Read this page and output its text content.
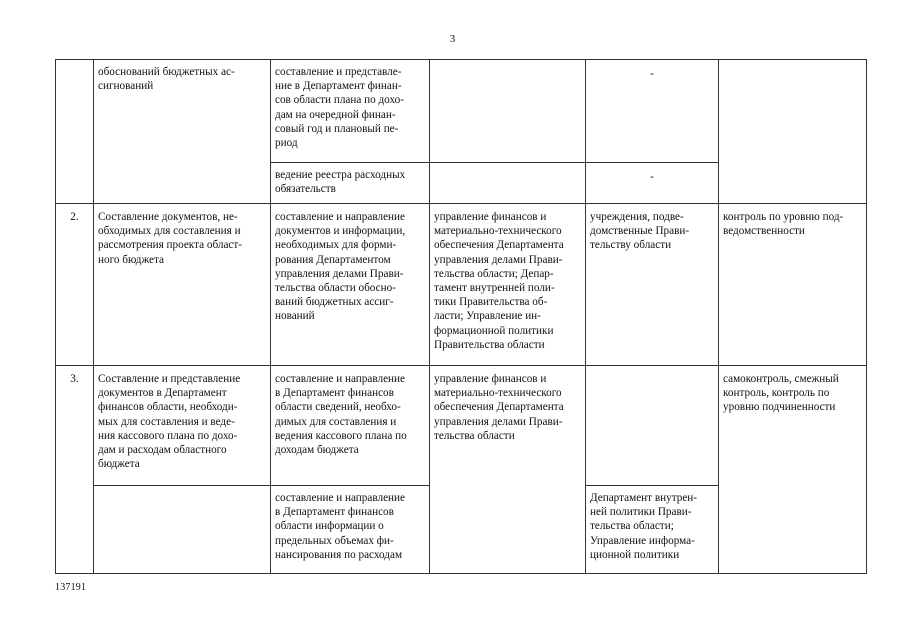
3
обоснований бюджетных ас-
сигнований
составление и представле-
ние в Департамент финан-
сов области плана по дохо-
дам на очередной финан-
совый год и плановый пе-
риод
-
ведение реестра расходных
обязательств
-
2.	Составление документов, не-
обходимых для составления и
рассмотрения проекта област-
ного бюджета
составление и направление
документов и информации,
необходимых для форми-
рования Департаментом
управления делами Прави-
тельства области обосно-
ваний бюджетных ассиг-
нований
управление финансов и
материально-технического
обеспечения Департамента
управления делами Прави-
тельства области; Депар-
тамент внутренней поли-
тики Правительства об-
ласти; Управление ин-
формационной политики
Правительства области
учреждения, подве-
домственные Прави-
тельству области
контроль по уровню под-
ведомственности
3.	Составление и представление
документов в Департамент
финансов области, необходи-
мых для составления и веде-
ния кассового плана по дохо-
дам и расходам областного
бюджета
составление и направление
в Департамент финансов
области сведений, необхо-
димых для составления и
ведения кассового плана по
доходам бюджета
управление финансов и
материально-технического
обеспечения Департамента
управления делами Прави-
тельства области
самоконтроль, смежный
контроль, контроль по
уровню подчиненности
составление и направление
в Департамент финансов
области информации о
предельных объемах фи-
нансирования по расходам
Департамент внутрен-
ней политики Прави-
тельства области;
Управление информа-
ционной политики
137191
